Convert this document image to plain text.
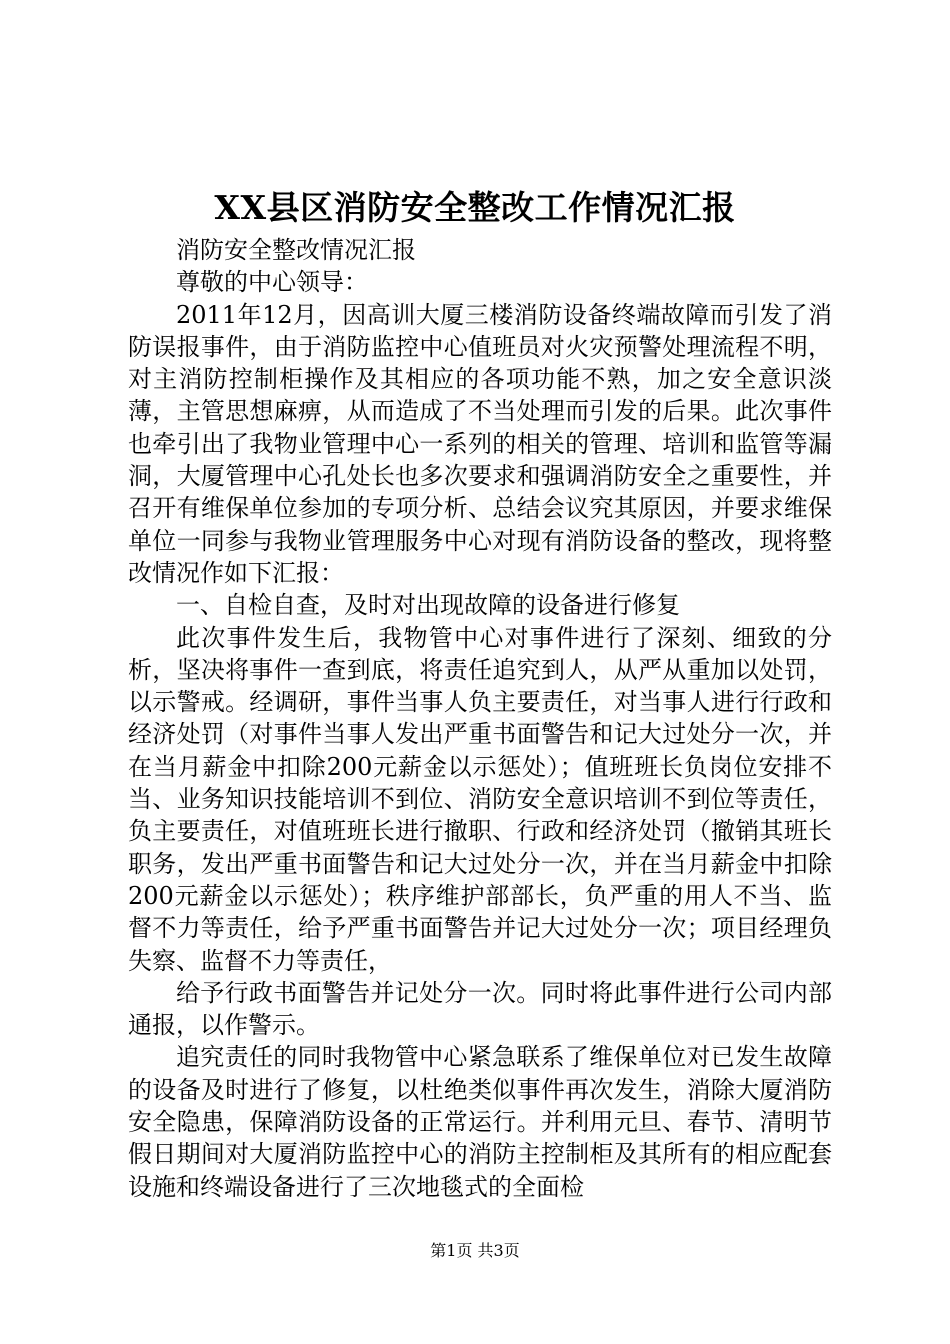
XX县区消防安全整改工作情况汇报

消防安全整改情况汇报

尊敬的中心领导：

2011年12月，因高训大厦三楼消防设备终端故障而引发了消防误报事件，由于消防监控中心值班员对火灾预警处理流程不明，对主消防控制柜操作及其相应的各项功能不熟，加之安全意识淡薄，主管思想麻痹，从而造成了不当处理而引发的后果。此次事件也牵引出了我物业管理中心一系列的相关的管理、培训和监管等漏洞，大厦管理中心孔处长也多次要求和强调消防安全之重要性，并召开有维保单位参加的专项分析、总结会议究其原因，并要求维保单位一同参与我物业管理服务中心对现有消防设备的整改，现将整改情况作如下汇报：

一、自检自查，及时对出现故障的设备进行修复

此次事件发生后，我物管中心对事件进行了深刻、细致的分析，坚决将事件一查到底，将责任追究到人，从严从重加以处罚，以示警戒。经调研，事件当事人负主要责任，对当事人进行行政和经济处罚（对事件当事人发出严重书面警告和记大过处分一次，并在当月薪金中扣除200元薪金以示惩处）；值班班长负岗位安排不当、业务知识技能培训不到位、消防安全意识培训不到位等责任，负主要责任，对值班班长进行撤职、行政和经济处罚（撤销其班长职务，发出严重书面警告和记大过处分一次，并在当月薪金中扣除200元薪金以示惩处）；秩序维护部部长，负严重的用人不当、监督不力等责任，给予严重书面警告并记大过处分一次；项目经理负失察、监督不力等责任，

给予行政书面警告并记处分一次。同时将此事件进行公司内部通报，以作警示。

追究责任的同时我物管中心紧急联系了维保单位对已发生故障的设备及时进行了修复，以杜绝类似事件再次发生，消除大厦消防安全隐患，保障消防设备的正常运行。并利用元旦、春节、清明节假日期间对大厦消防监控中心的消防主控制柜及其所有的相应配套设施和终端设备进行了三次地毯式的全面检

第1页 共3页
